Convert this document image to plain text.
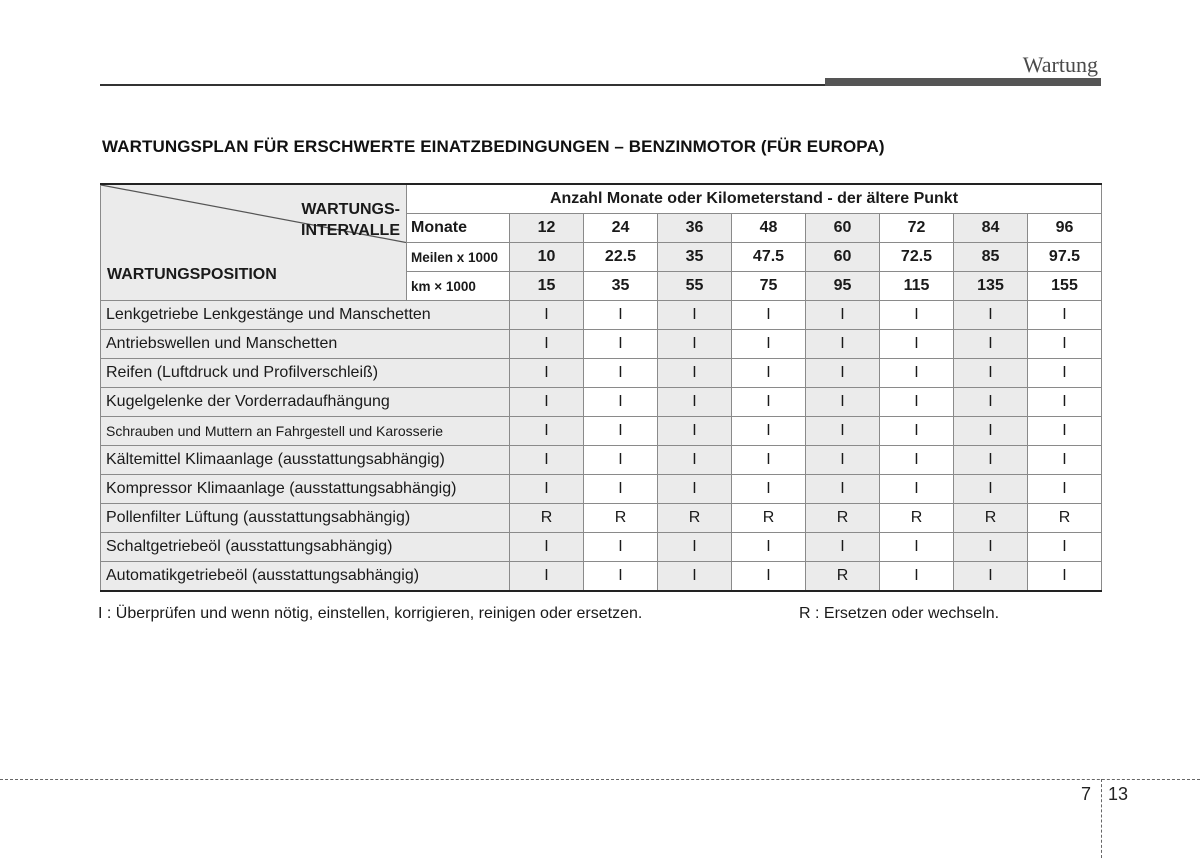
Wartung
WARTUNGSPLAN FÜR ERSCHWERTE EINATZBEDINGUNGEN – BENZINMOTOR (FÜR EUROPA)
WARTUNGS-
INTERVALLE
WARTUNGSPOSITION	Anzahl Monate oder Kilometerstand - der ältere Punkt								
	Monate	12	24	36	48	60	72	84	96
	Meilen x 1000	10	22.5	35	47.5	60	72.5	85	97.5
	km × 1000	15	35	55	75	95	115	135	155
Lenkgetriebe Lenkgestänge und Manschetten		I	I	I	I	I	I	I	I
Antriebswellen und Manschetten		I	I	I	I	I	I	I	I
Reifen (Luftdruck und Profilverschleiß)		I	I	I	I	I	I	I	I
Kugelgelenke der Vorderradaufhängung		I	I	I	I	I	I	I	I
Schrauben und Muttern an Fahrgestell und Karosserie		I	I	I	I	I	I	I	I
Kältemittel Klimaanlage (ausstattungsabhängig)		I	I	I	I	I	I	I	I
Kompressor Klimaanlage (ausstattungsabhängig)		I	I	I	I	I	I	I	I
Pollenfilter Lüftung (ausstattungsabhängig)		R	R	R	R	R	R	R	R
Schaltgetriebeöl (ausstattungsabhängig)		I	I	I	I	I	I	I	I
Automatikgetriebeöl (ausstattungsabhängig)		I	I	I	I	R	I	I	I
I : Überprüfen und wenn nötig, einstellen, korrigieren, reinigen oder ersetzen.	R : Ersetzen oder wechseln.
7 13
